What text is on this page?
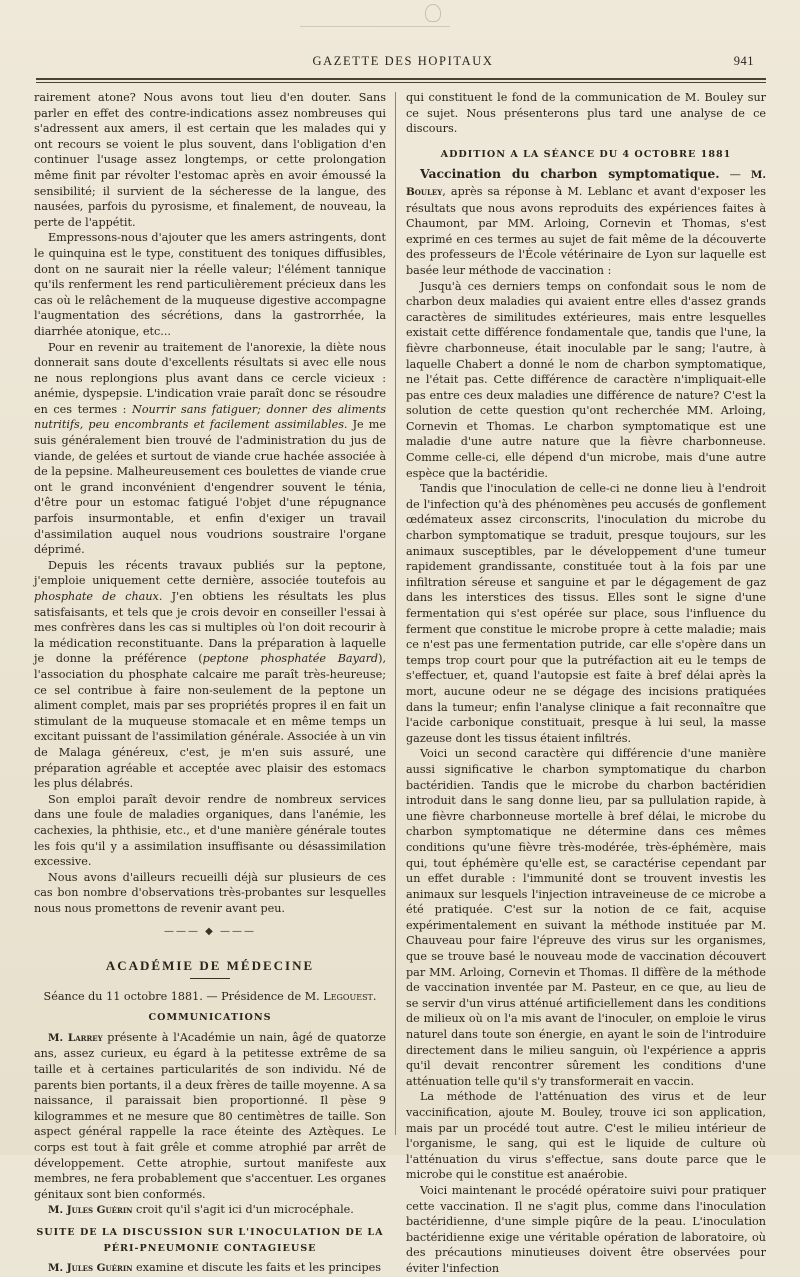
GAZETTE DES HOPITAUX	941

rairement atone? Nous avons tout lieu d'en douter. Sans parler en effet des contre-indications assez nombreuses qui s'adressent aux amers, il est certain que les malades qui y ont recours se voient le plus souvent, dans l'obligation d'en continuer l'usage assez longtemps, or cette prolongation même finit par révolter l'estomac après en avoir émoussé la sensibilité; il survient de la sécheresse de la langue, des nausées, parfois du pyrosisme, et finalement, de nouveau, la perte de l'appétit.

Empressons-nous d'ajouter que les amers astringents, dont le quinquina est le type, constituent des toniques diffusibles, dont on ne saurait nier la réelle valeur; l'élément tannique qu'ils renferment les rend particulièrement précieux dans les cas où le relâchement de la muqueuse digestive accompagne l'augmentation des sécrétions, dans la gastrorrhée, la diarrhée atonique, etc...

Pour en revenir au traitement de l'anorexie, la diète nous donnerait sans doute d'excellents résultats si avec elle nous ne nous replongions plus avant dans ce cercle vicieux : anémie, dyspepsie. L'indication vraie paraît donc se résoudre en ces termes : Nourrir sans fatiguer; donner des aliments nutritifs, peu encombrants et facilement assimilables. Je me suis généralement bien trouvé de l'administration du jus de viande, de gelées et surtout de viande crue hachée associée à de la pepsine. Malheureusement ces boulettes de viande crue ont le grand inconvénient d'engendrer souvent le ténia, d'être pour un estomac fatigué l'objet d'une répugnance parfois insurmontable, et enfin d'exiger un travail d'assimilation auquel nous voudrions soustraire l'organe déprimé.

Depuis les récents travaux publiés sur la peptone, j'emploie uniquement cette dernière, associée toutefois au phosphate de chaux. J'en obtiens les résultats les plus satisfaisants, et tels que je crois devoir en conseiller l'essai à mes confrères dans les cas si multiples où l'on doit recourir à la médication reconstituante. Dans la préparation à laquelle je donne la préférence (peptone phosphatée Bayard), l'association du phosphate calcaire me paraît très-heureuse; ce sel contribue à faire non-seulement de la peptone un aliment complet, mais par ses propriétés propres il en fait un stimulant de la muqueuse stomacale et en même temps un excitant puissant de l'assimilation générale. Associée à un vin de Malaga généreux, c'est, je m'en suis assuré, une préparation agréable et acceptée avec plaisir des estomacs les plus délabrés.

Son emploi paraît devoir rendre de nombreux services dans une foule de maladies organiques, dans l'anémie, les cachexies, la phthisie, etc., et d'une manière générale toutes les fois qu'il y a assimilation insuffisante ou désassimilation excessive.

Nous avons d'ailleurs recueilli déjà sur plusieurs de ces cas bon nombre d'observations très-probantes sur lesquelles nous nous promettons de revenir avant peu.

——— ◆ ———
ACADÉMIE DE MÉDECINE
Séance du 11 octobre 1881. — Présidence de M. Legouest.
COMMUNICATIONS

M. Larrey présente à l'Académie un nain, âgé de quatorze ans, assez curieux, eu égard à la petitesse extrême de sa taille et à certaines particularités de son individu. Né de parents bien portants, il a deux frères de taille moyenne. A sa naissance, il paraissait bien proportionné. Il pèse 9 kilogrammes et ne mesure que 80 centimètres de taille. Son aspect général rappelle la race éteinte des Aztèques. Le corps est tout à fait grêle et comme atrophié par arrêt de développement. Cette atrophie, surtout manifeste aux membres, ne fera probablement que s'accentuer. Les organes génitaux sont bien conformés.

M. Jules Guérin croit qu'il s'agit ici d'un microcéphale.

SUITE DE LA DISCUSSION SUR L'INOCULATION DE LA PÉRI-PNEUMONIE CONTAGIEUSE

M. Jules Guérin examine et discute les faits et les principes

qui constituent le fond de la communication de M. Bouley sur ce sujet. Nous présenterons plus tard une analyse de ce discours.

ADDITION A LA SÉANCE DU 4 OCTOBRE 1881

Vaccination du charbon symptomatique. — M. Bouley, après sa réponse à M. Leblanc et avant d'exposer les résultats que nous avons reproduits des expériences faites à Chaumont, par MM. Arloing, Cornevin et Thomas, s'est exprimé en ces termes au sujet de fait même de la découverte des professeurs de l'École vétérinaire de Lyon sur laquelle est basée leur méthode de vaccination :

Jusqu'à ces derniers temps on confondait sous le nom de charbon deux maladies qui avaient entre elles d'assez grands caractères de similitudes extérieures, mais entre lesquelles existait cette différence fondamentale que, tandis que l'une, la fièvre charbonneuse, était inoculable par le sang; l'autre, à laquelle Chabert a donné le nom de charbon symptomatique, ne l'était pas. Cette différence de caractère n'impliquait-elle pas entre ces deux maladies une différence de nature? C'est la solution de cette question qu'ont recherchée MM. Arloing, Cornevin et Thomas. Le charbon symptomatique est une maladie d'une autre nature que la fièvre charbonneuse. Comme celle-ci, elle dépend d'un microbe, mais d'une autre espèce que la bactéridie.

Tandis que l'inoculation de celle-ci ne donne lieu à l'endroit de l'infection qu'à des phénomènes peu accusés de gonflement œdémateux assez circonscrits, l'inoculation du microbe du charbon symptomatique se traduit, presque toujours, sur les animaux susceptibles, par le développement d'une tumeur rapidement grandissante, constituée tout à la fois par une infiltration séreuse et sanguine et par le dégagement de gaz dans les interstices des tissus. Elles sont le signe d'une fermentation qui s'est opérée sur place, sous l'influence du ferment que constitue le microbe propre à cette maladie; mais ce n'est pas une fermentation putride, car elle s'opère dans un temps trop court pour que la putréfaction ait eu le temps de s'effectuer, et, quand l'autopsie est faite à bref délai après la mort, aucune odeur ne se dégage des incisions pratiquées dans la tumeur; enfin l'analyse clinique a fait reconnaître que l'acide carbonique constituait, presque à lui seul, la masse gazeuse dont les tissus étaient infiltrés.

Voici un second caractère qui différencie d'une manière aussi significative le charbon symptomatique du charbon bactéridien. Tandis que le microbe du charbon bactéridien introduit dans le sang donne lieu, par sa pullulation rapide, à une fièvre charbonneuse mortelle à bref délai, le microbe du charbon symptomatique ne détermine dans ces mêmes conditions qu'une fièvre très-modérée, très-éphémère, mais qui, tout éphémère qu'elle est, se caractérise cependant par un effet durable : l'immunité dont se trouvent investis les animaux sur lesquels l'injection intraveineuse de ce microbe a été pratiquée. C'est sur la notion de ce fait, acquise expérimentalement en suivant la méthode instituée par M. Chauveau pour faire l'épreuve des virus sur les organismes, que se trouve basé le nouveau mode de vaccination découvert par MM. Arloing, Cornevin et Thomas. Il diffère de la méthode de vaccination inventée par M. Pasteur, en ce que, au lieu de se servir d'un virus atténué artificiellement dans les conditions de milieux où on l'a mis avant de l'inoculer, on emploie le virus naturel dans toute son énergie, en ayant le soin de l'introduire directement dans le milieu sanguin, où l'expérience a appris qu'il devait rencontrer sûrement les conditions d'une atténuation telle qu'il s'y transformerait en vaccin.

La méthode de l'atténuation des virus et de leur vaccinification, ajoute M. Bouley, trouve ici son application, mais par un procédé tout autre. C'est le milieu intérieur de l'organisme, le sang, qui est le liquide de culture où l'atténuation du virus s'effectue, sans doute parce que le microbe qui le constitue est anaérobie.

Voici maintenant le procédé opératoire suivi pour pratiquer cette vaccination. Il ne s'agit plus, comme dans l'inoculation bactéridienne, d'une simple piqûre de la peau. L'inoculation bactéridienne exige une véritable opération de laboratoire, où des précautions minutieuses doivent être observées pour éviter l'infection
